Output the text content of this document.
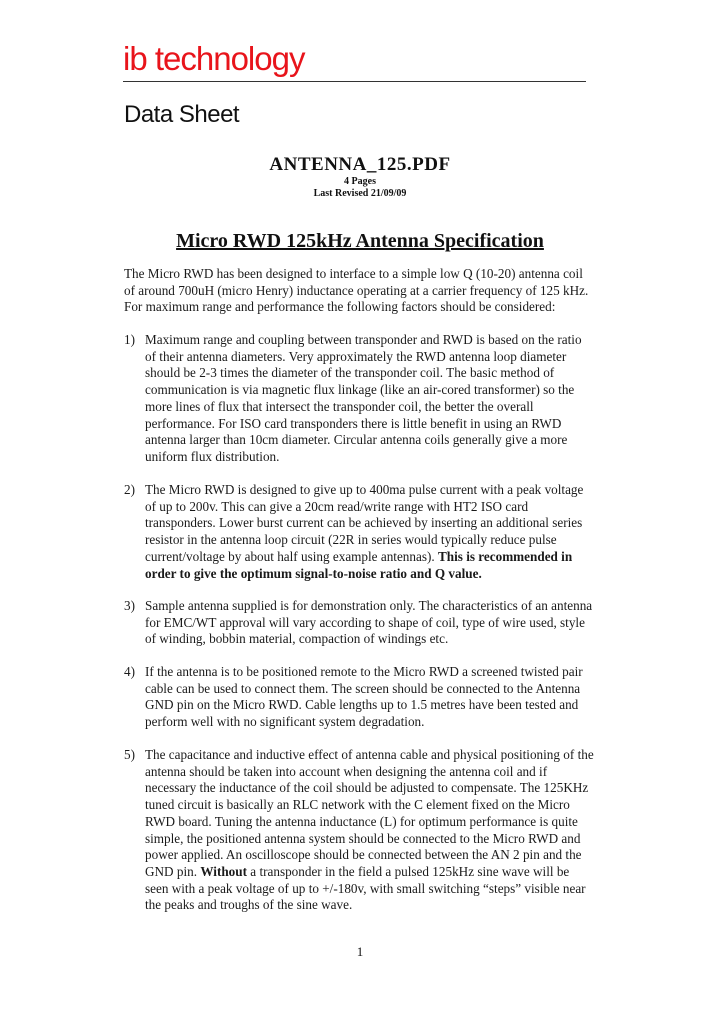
ib technology
Data Sheet
ANTENNA_125.PDF
4 Pages
Last Revised 21/09/09
Micro RWD 125kHz Antenna Specification
The Micro RWD has been designed to interface to a simple low Q (10-20) antenna coil of around 700uH (micro Henry) inductance operating at a carrier frequency of 125 kHz. For maximum range and performance the following factors should be considered:
1) Maximum range and coupling between transponder and RWD is based on the ratio of their antenna diameters. Very approximately the RWD antenna loop diameter should be 2-3 times the diameter of the transponder coil. The basic method of communication is via magnetic flux linkage (like an air-cored transformer) so the more lines of flux that intersect the transponder coil, the better the overall performance. For ISO card transponders there is little benefit in using an RWD antenna larger than 10cm diameter. Circular antenna coils generally give a more uniform flux distribution.
2) The Micro RWD is designed to give up to 400ma pulse current with a peak voltage of up to 200v. This can give a 20cm read/write range with HT2 ISO card transponders. Lower burst current can be achieved by inserting an additional series resistor in the antenna loop circuit (22R in series would typically reduce pulse current/voltage by about half using example antennas). This is recommended in order to give the optimum signal-to-noise ratio and Q value.
3) Sample antenna supplied is for demonstration only. The characteristics of an antenna for EMC/WT approval will vary according to shape of coil, type of wire used, style of winding, bobbin material, compaction of windings etc.
4) If the antenna is to be positioned remote to the Micro RWD a screened twisted pair cable can be used to connect them. The screen should be connected to the Antenna GND pin on the Micro RWD. Cable lengths up to 1.5 metres have been tested and perform well with no significant system degradation.
5) The capacitance and inductive effect of antenna cable and physical positioning of the antenna should be taken into account when designing the antenna coil and if necessary the inductance of the coil should be adjusted to compensate. The 125KHz tuned circuit is basically an RLC network with the C element fixed on the Micro RWD board. Tuning the antenna inductance (L) for optimum performance is quite simple, the positioned antenna system should be connected to the Micro RWD and power applied. An oscilloscope should be connected between the AN 2 pin and the GND pin. Without a transponder in the field a pulsed 125kHz sine wave will be seen with a peak voltage of up to +/-180v, with small switching “steps” visible near the peaks and troughs of the sine wave.
1
